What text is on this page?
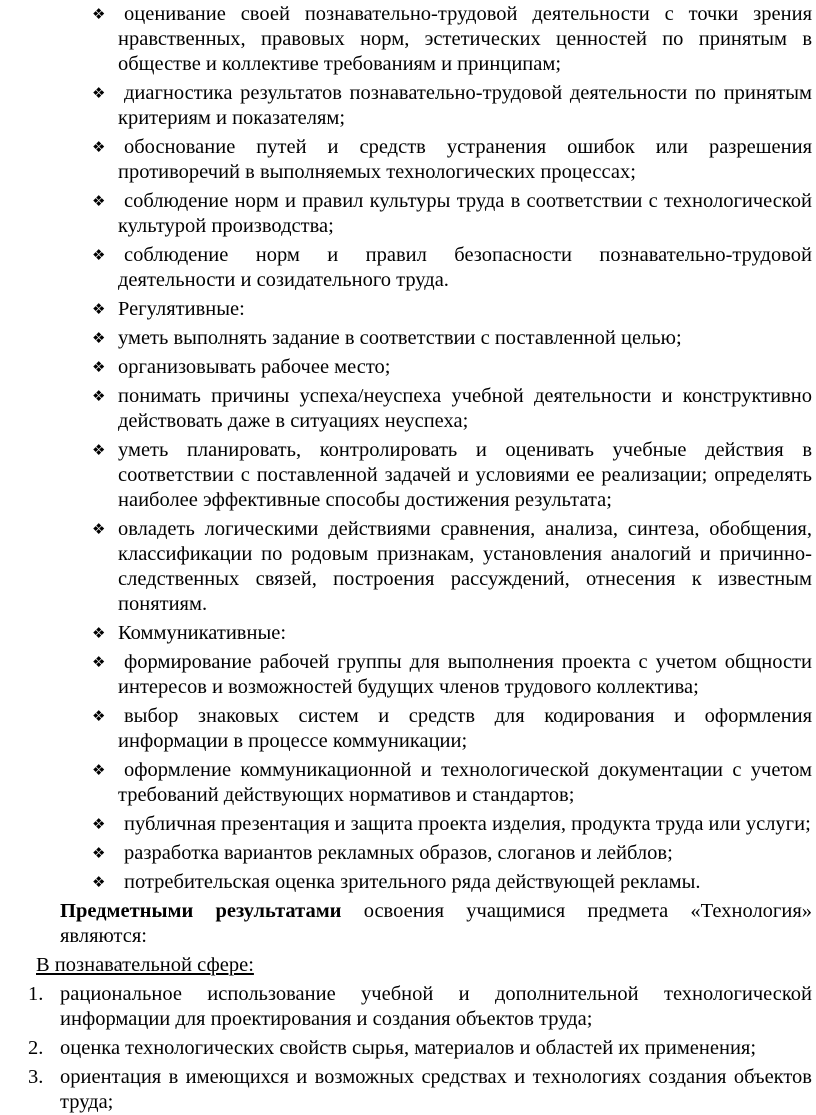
❖ оценивание своей познавательно-трудовой деятельности с точки зрения нравственных, правовых норм, эстетических ценностей по принятым в обществе и коллективе требованиям и принципам;
❖ диагностика результатов познавательно-трудовой деятельности по принятым критериям и показателям;
❖ обоснование путей и средств устранения ошибок или разрешения противоречий в выполняемых технологических процессах;
❖ соблюдение норм и правил культуры труда в соответствии с технологической культурой производства;
❖ соблюдение норм и правил безопасности познавательно-трудовой деятельности и созидательного труда.
❖ Регулятивные:
❖ уметь выполнять задание в соответствии с поставленной целью;
❖ организовывать рабочее место;
❖ понимать причины успеха/неуспеха учебной деятельности и конструктивно действовать даже в ситуациях неуспеха;
❖ уметь планировать, контролировать и оценивать учебные действия в соответствии с поставленной задачей и условиями ее реализации; определять наиболее эффективные способы достижения результата;
❖ овладеть логическими действиями сравнения, анализа, синтеза, обобщения, классификации по родовым признакам, установления аналогий и причинно-следственных связей, построения рассуждений, отнесения к известным понятиям.
❖ Коммуникативные:
❖ формирование рабочей группы для выполнения проекта с учетом общности интересов и возможностей будущих членов трудового коллектива;
❖ выбор знаковых систем и средств для кодирования и оформления информации в процессе коммуникации;
❖ оформление коммуникационной и технологической документации с учетом требований действующих нормативов и стандартов;
❖ публичная презентация и защита проекта изделия, продукта труда или услуги;
❖ разработка вариантов рекламных образов, слоганов и лейблов;
❖ потребительская оценка зрительного ряда действующей рекламы.

Предметными результатами освоения учащимися предмета «Технология» являются:

В познавательной сфере:

1. рациональное использование учебной и дополнительной технологической информации для проектирования и создания объектов труда;
2. оценка технологических свойств сырья, материалов и областей их применения;
3. ориентация в имеющихся и возможных средствах и технологиях создания объектов труда;
